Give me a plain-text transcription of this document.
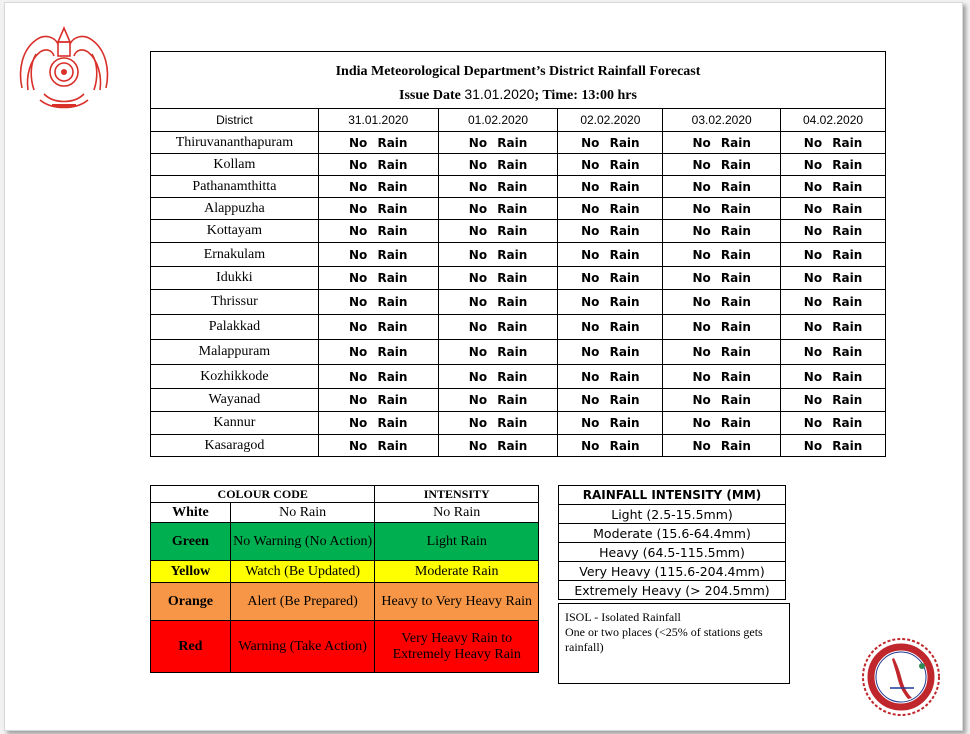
India Meteorological Department’s District Rainfall Forecast					
Issue Date 31.01.2020; Time: 13:00 hrs					
District	31.01.2020	01.02.2020	02.02.2020	03.02.2020	04.02.2020
Thiruvananthapuram	No Rain	No Rain	No Rain	No Rain	No Rain
Kollam	No Rain	No Rain	No Rain	No Rain	No Rain
Pathanamthitta	No Rain	No Rain	No Rain	No Rain	No Rain
Alappuzha	No Rain	No Rain	No Rain	No Rain	No Rain
Kottayam	No Rain	No Rain	No Rain	No Rain	No Rain
Ernakulam	No Rain	No Rain	No Rain	No Rain	No Rain
Idukki	No Rain	No Rain	No Rain	No Rain	No Rain
Thrissur	No Rain	No Rain	No Rain	No Rain	No Rain
Palakkad	No Rain	No Rain	No Rain	No Rain	No Rain
Malappuram	No Rain	No Rain	No Rain	No Rain	No Rain
Kozhikkode	No Rain	No Rain	No Rain	No Rain	No Rain
Wayanad	No Rain	No Rain	No Rain	No Rain	No Rain
Kannur	No Rain	No Rain	No Rain	No Rain	No Rain
Kasaragod	No Rain	No Rain	No Rain	No Rain	No Rain
COLOUR CODE		INTENSITY
White	No Rain	No Rain
Green	No Warning (No Action)	Light Rain
Yellow	Watch (Be Updated)	Moderate Rain
Orange	Alert (Be Prepared)	Heavy to Very Heavy Rain
Red	Warning (Take Action)	Very Heavy Rain to Extremely Heavy Rain
RAINFALL INTENSITY (MM)
Light (2.5-15.5mm)
Moderate (15.6-64.4mm)
Heavy (64.5-115.5mm)
Very Heavy (115.6-204.4mm)
Extremely Heavy (> 204.5mm)
ISOL - Isolated Rainfall
One or two places (<25% of stations gets rainfall)
